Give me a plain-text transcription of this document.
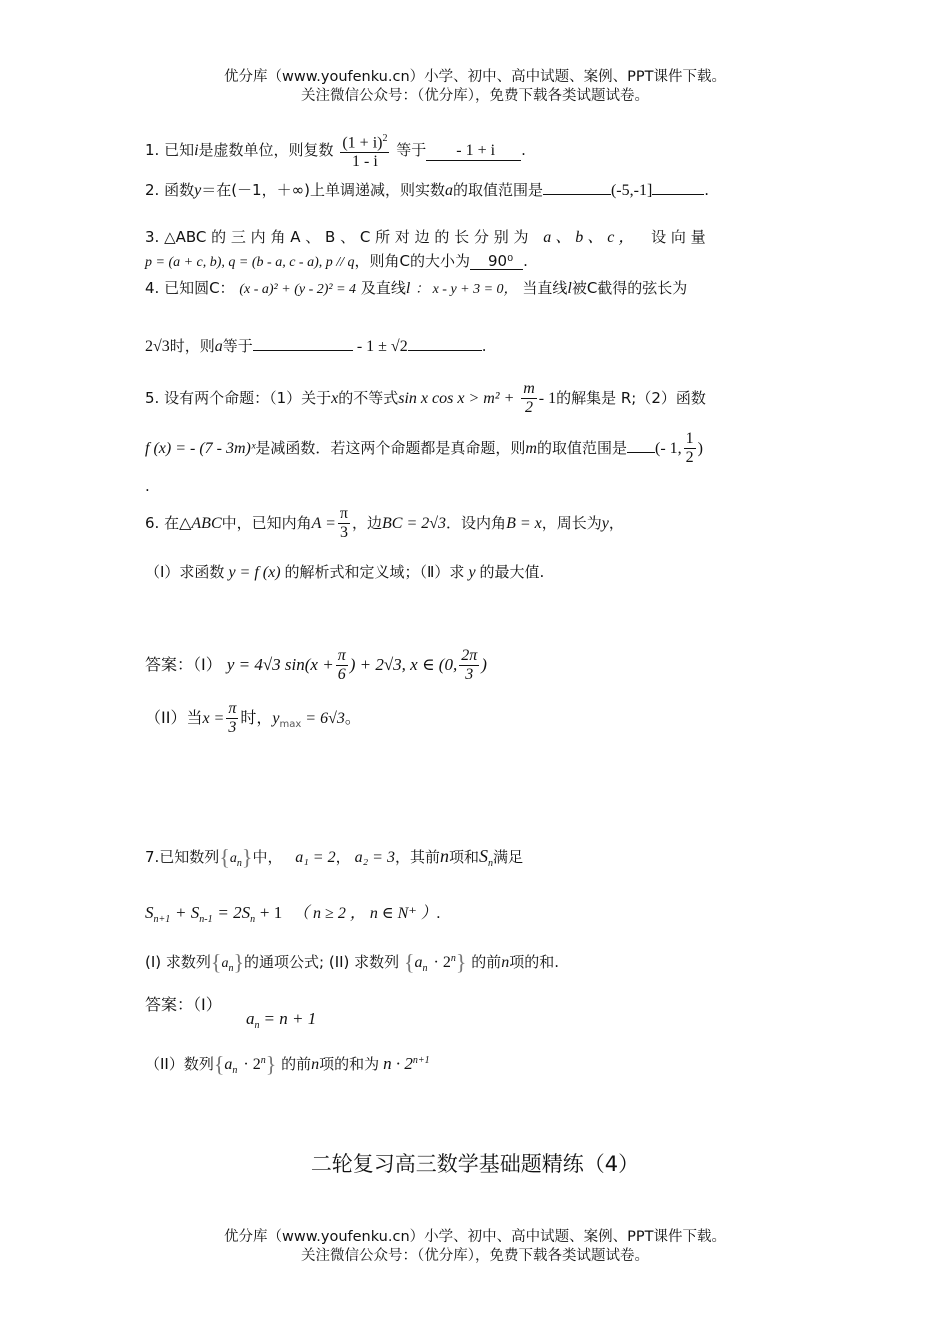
优分库（www.youfenku.cn）小学、初中、高中试题、案例、PPT课件下载。
关注微信公众号：（优分库），免费下载各类试题试卷。
1. 已知i是虚数单位，则复数 $\frac{(1 + i)^2}{1 - i}$ 等于 - 1 + i .
2. 函数y＝在(－1，＋∞)上单调递减，则实数a的取值范围是	(-5,-1]	.
3. △ABC 的 三 内 角 A 、 B 、 C 所 对 边 的 长 分 别 为 a 、 b 、 c ， 设 向 量
p = (a + c, b), q = (b - a, c - a), p // q，则角C的大小为 90⁰ .
4. 已知圆C： (x - a)² + (y - 2)² = 4 及直线l ： x - y + 3 = 0， 当直线l被C截得的弦长为
2√3时，则a等于	- 1 ± √2	.
5. 设有两个命题：（1）关于x的不等式sin x $\cos x > m^2 + \frac{m}{2} - 1$的解集是 R;（2）函数
f (x) = - (7 - 3m)ˣ是减函数．若这两个命题都是真命题，则m的取值范围是 (- 1, $\frac{1}{2}$ )
.
6. 在△ABC中，已知内角$A = \frac{\pi}{3}$ ，边BC = 2√3．设内角B = x，周长为y，
（Ⅰ）求函数 y = f (x) 的解析式和定义域；（Ⅱ）求 y 的最大值.
答案：（I） y = 4√3 $\sin(x + \frac{\pi}{6}$ ) + 2√3, x ∈ (0, $\frac{2\pi}{3}$ )
（II）当$x = \frac{\pi}{3}$ 时，$y_{max} = 6√3$。
7.已知数列$\{a_n\}$中， a₁ = 2， a₂ = 3，其前n项和$S_n$满足
$S_{n+1} + S_{n-1} = 2S_n + 1$ （ n ≥ 2 ， n ∈ N⁺ ）.
(I) 求数列$\{a_n\}$的通项公式; (II) 求数列 $\{a_n \cdot 2^n\}$ 的前n项的和.
答案：（I）
$a_n = n + 1$
（II）数列$\{a_n \cdot 2^n\}$ 的前n项的和为 $n \cdot 2^{n+1}$
二轮复习高三数学基础题精练（4）
优分库（www.youfenku.cn）小学、初中、高中试题、案例、PPT课件下载。
关注微信公众号：（优分库），免费下载各类试题试卷。
